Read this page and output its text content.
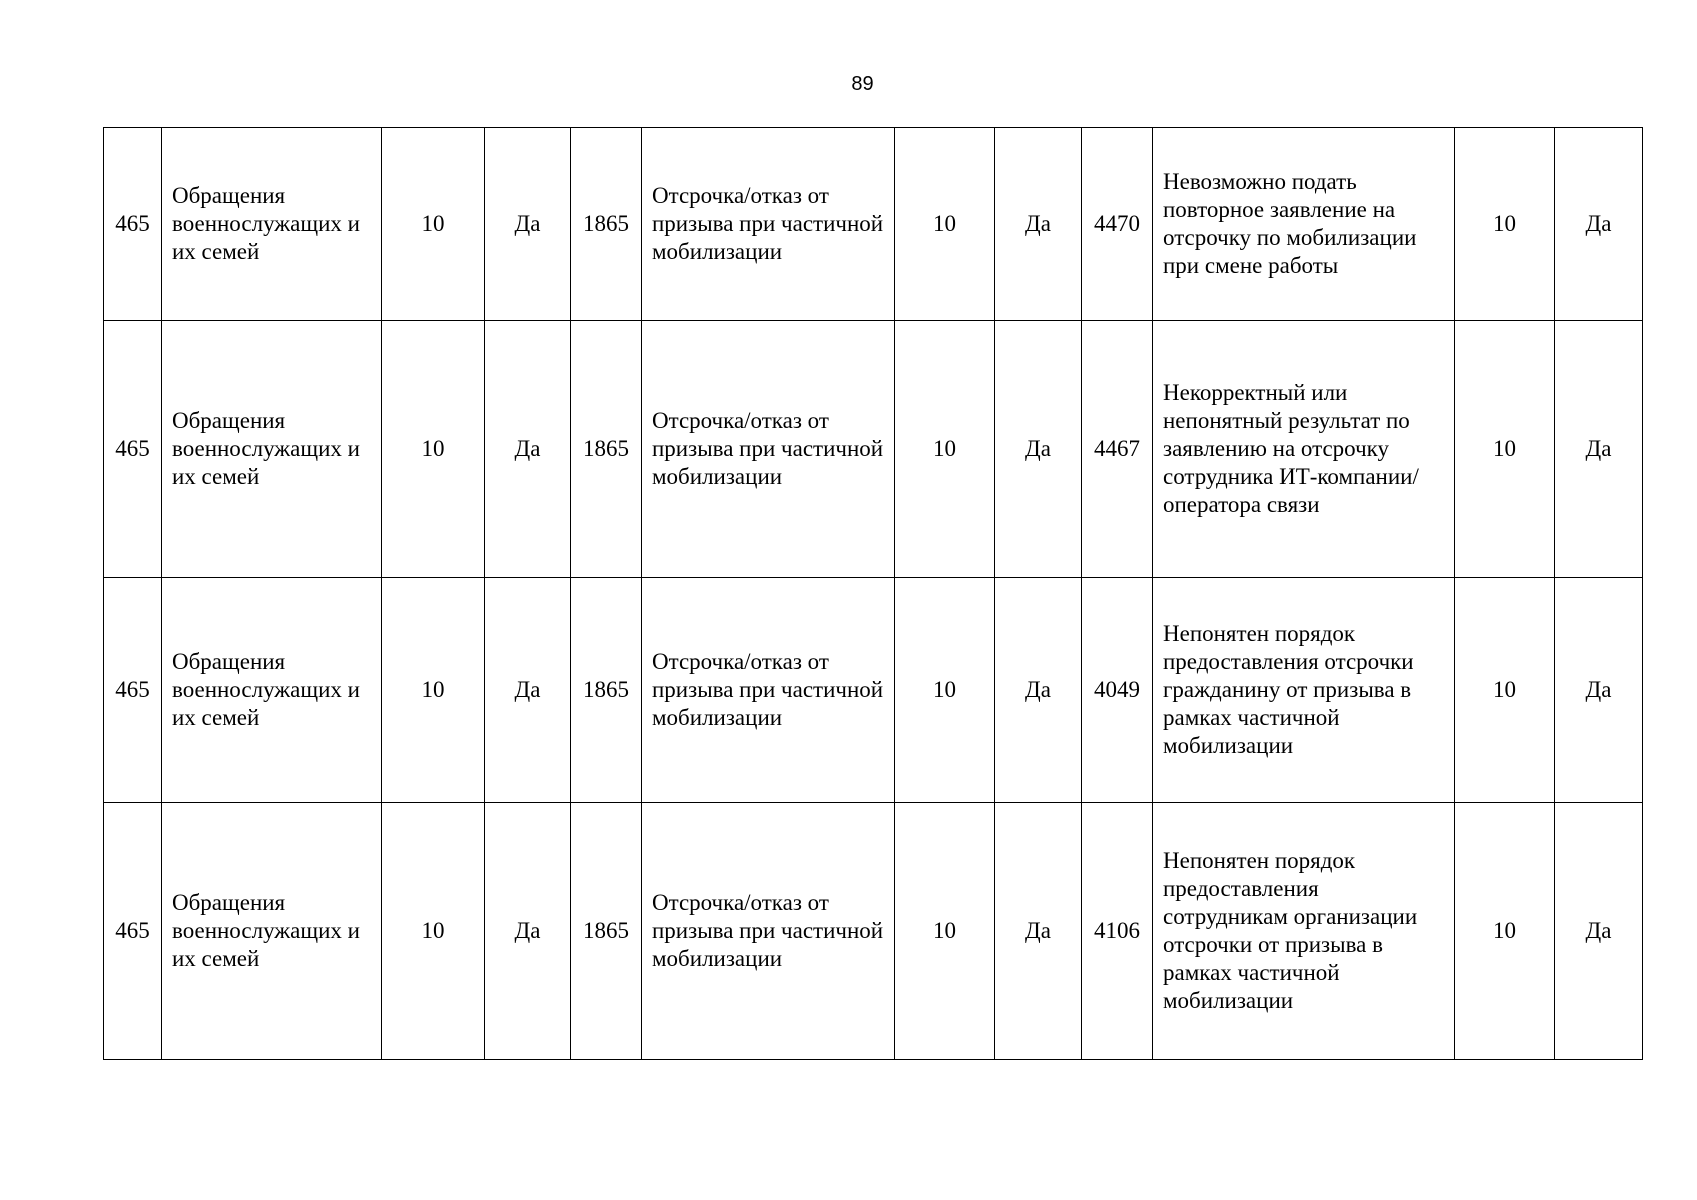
89
465	Обращения военнослужащих и их семей	10	Да	1865	Отсрочка/отказ от призыва при частичной мобилизации	10	Да	4470	Невозможно подать повторное заявление на отсрочку по мобилизации при смене работы	10	Да
465	Обращения военнослужащих и их семей	10	Да	1865	Отсрочка/отказ от призыва при частичной мобилизации	10	Да	4467	Некорректный или непонятный результат по заявлению на отсрочку сотрудника ИТ-компании/оператора связи	10	Да
465	Обращения военнослужащих и их семей	10	Да	1865	Отсрочка/отказ от призыва при частичной мобилизации	10	Да	4049	Непонятен порядок предоставления отсрочки гражданину от призыва в рамках частичной мобилизации	10	Да
465	Обращения военнослужащих и их семей	10	Да	1865	Отсрочка/отказ от призыва при частичной мобилизации	10	Да	4106	Непонятен порядок предоставления сотрудникам организации отсрочки от призыва в рамках частичной мобилизации	10	Да
